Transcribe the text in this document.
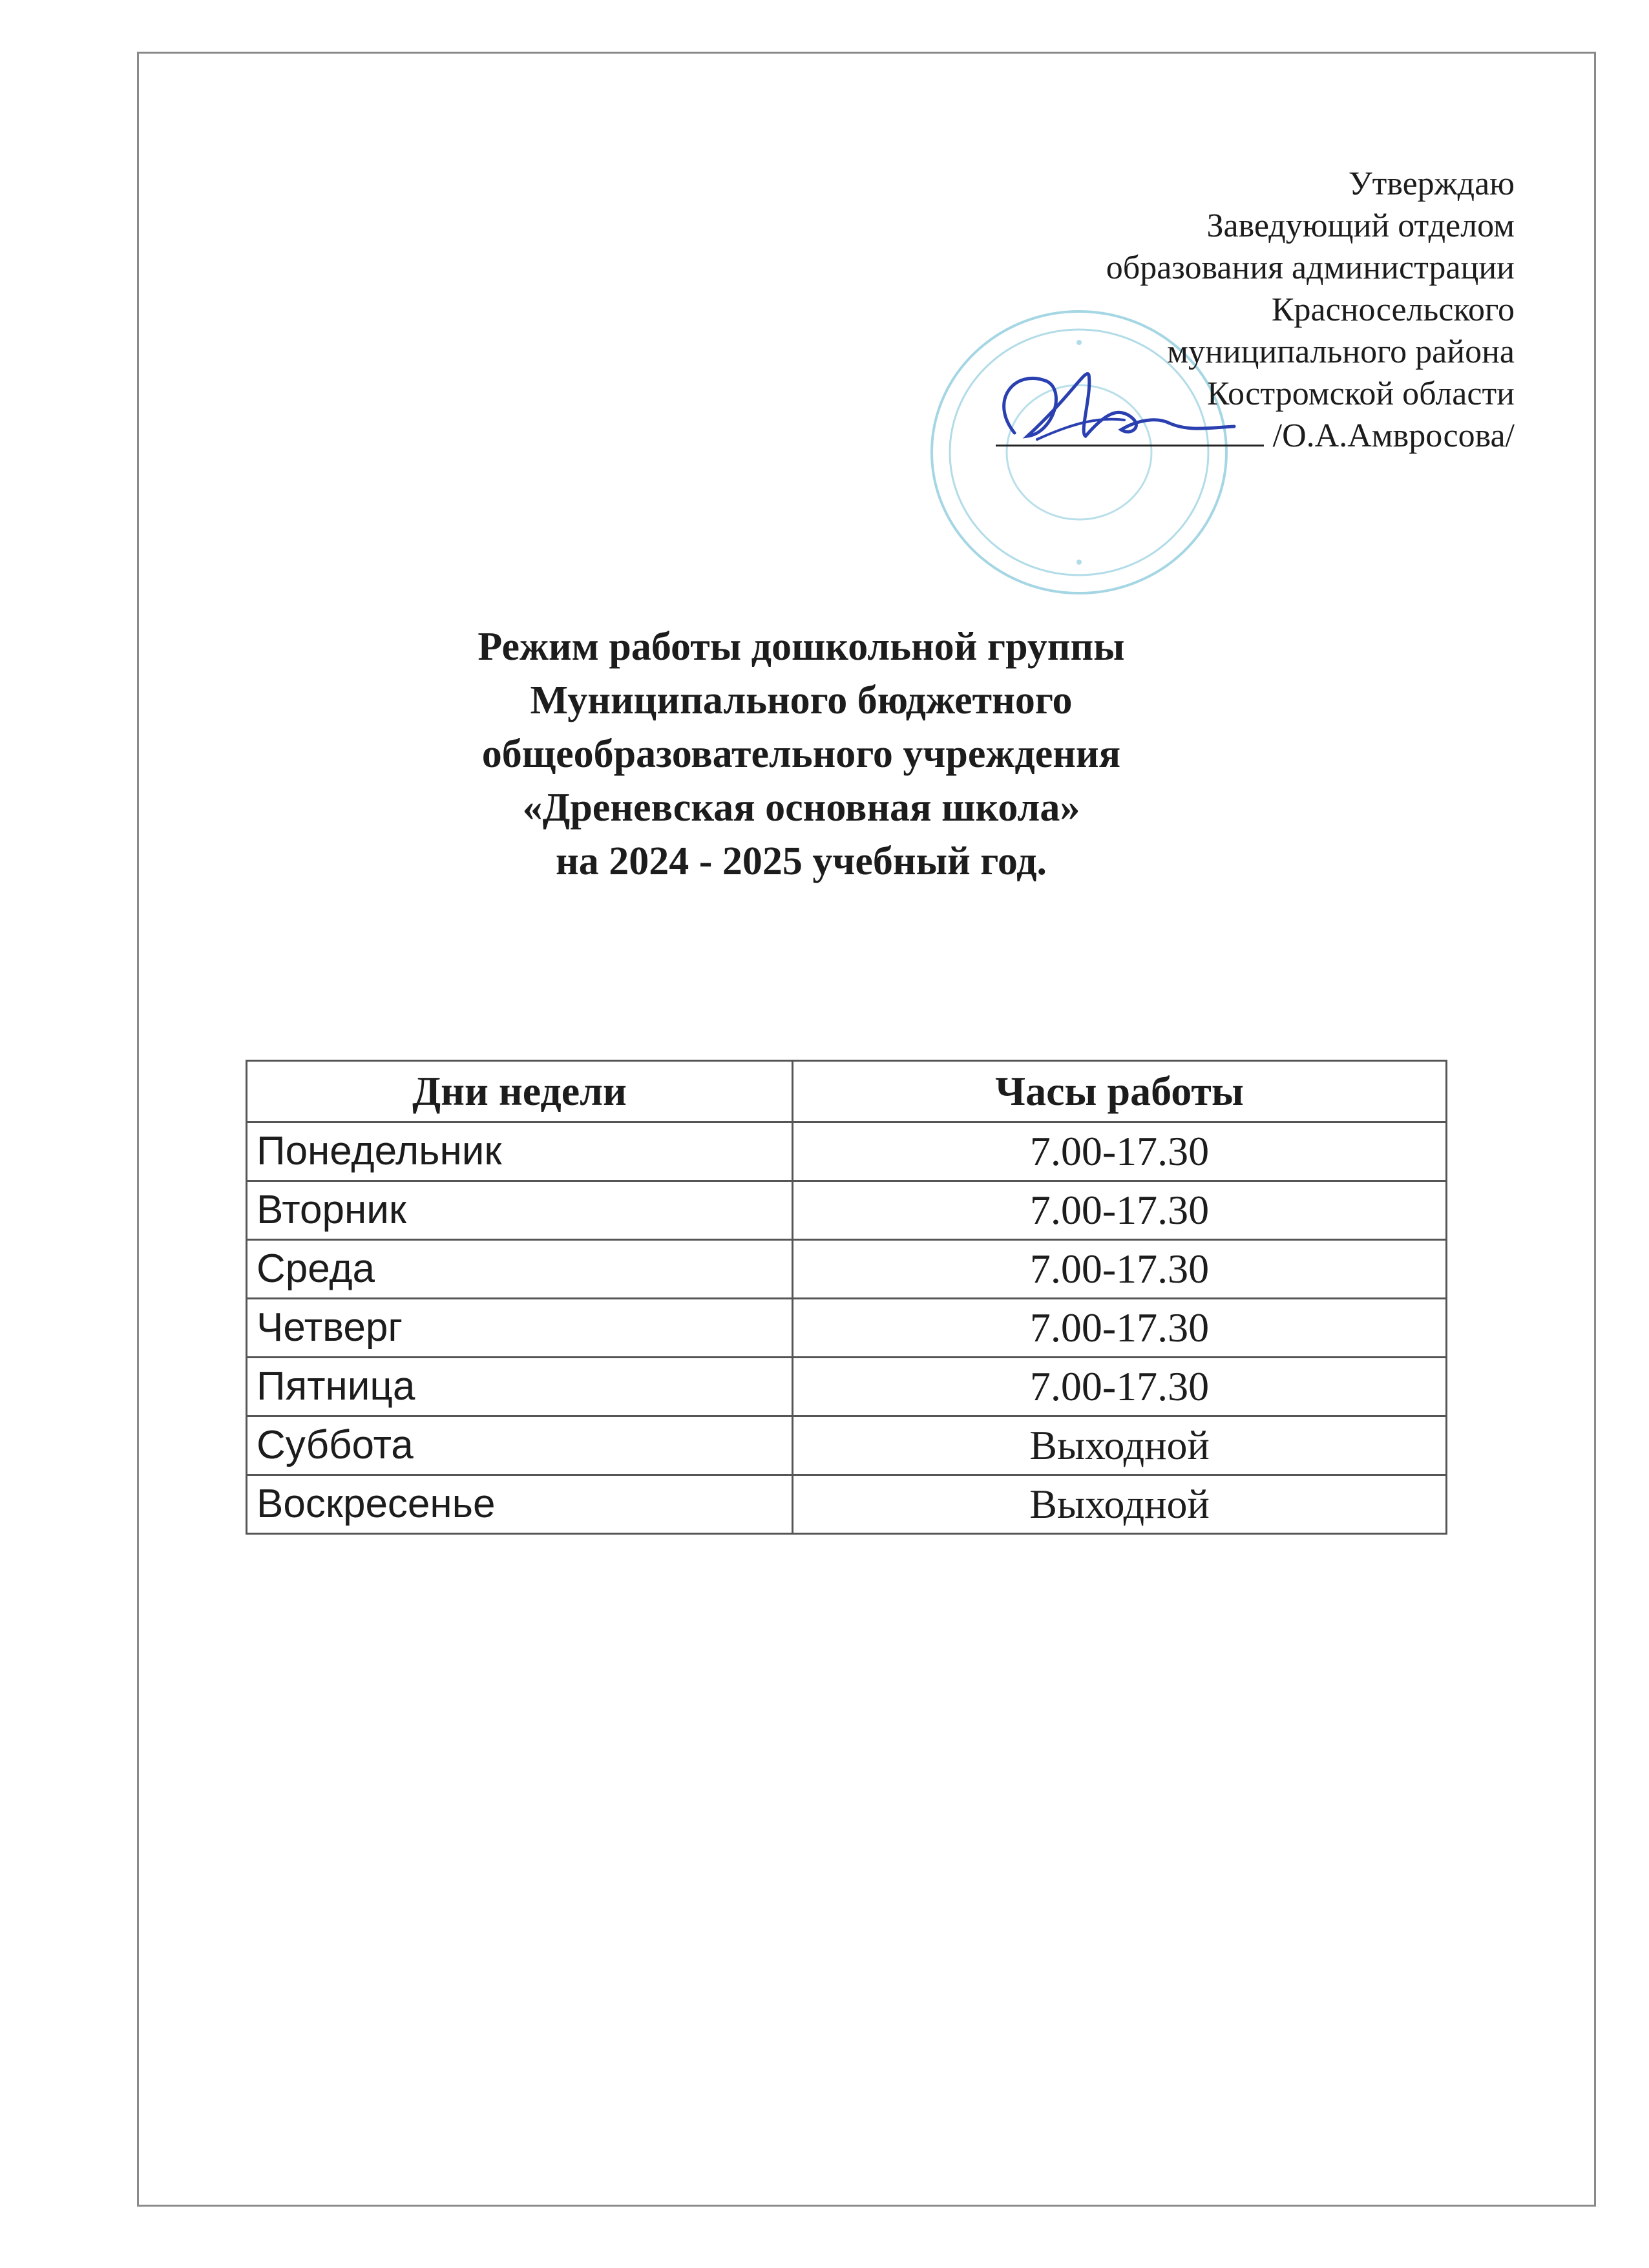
Утверждаю
Заведующий отделом
образования администрации
Красносельского
муниципального района
Костромской области
/О.А.Амвросова/
Режим работы дошкольной группы
Муниципального бюджетного
общеобразовательного учреждения
«Дреневская основная школа»
на 2024 - 2025 учебный год.
Дни недели	Часы работы
Понедельник	7.00-17.30
Вторник	7.00-17.30
Среда	7.00-17.30
Четверг	7.00-17.30
Пятница	7.00-17.30
Суббота	Выходной
Воскресенье	Выходной
